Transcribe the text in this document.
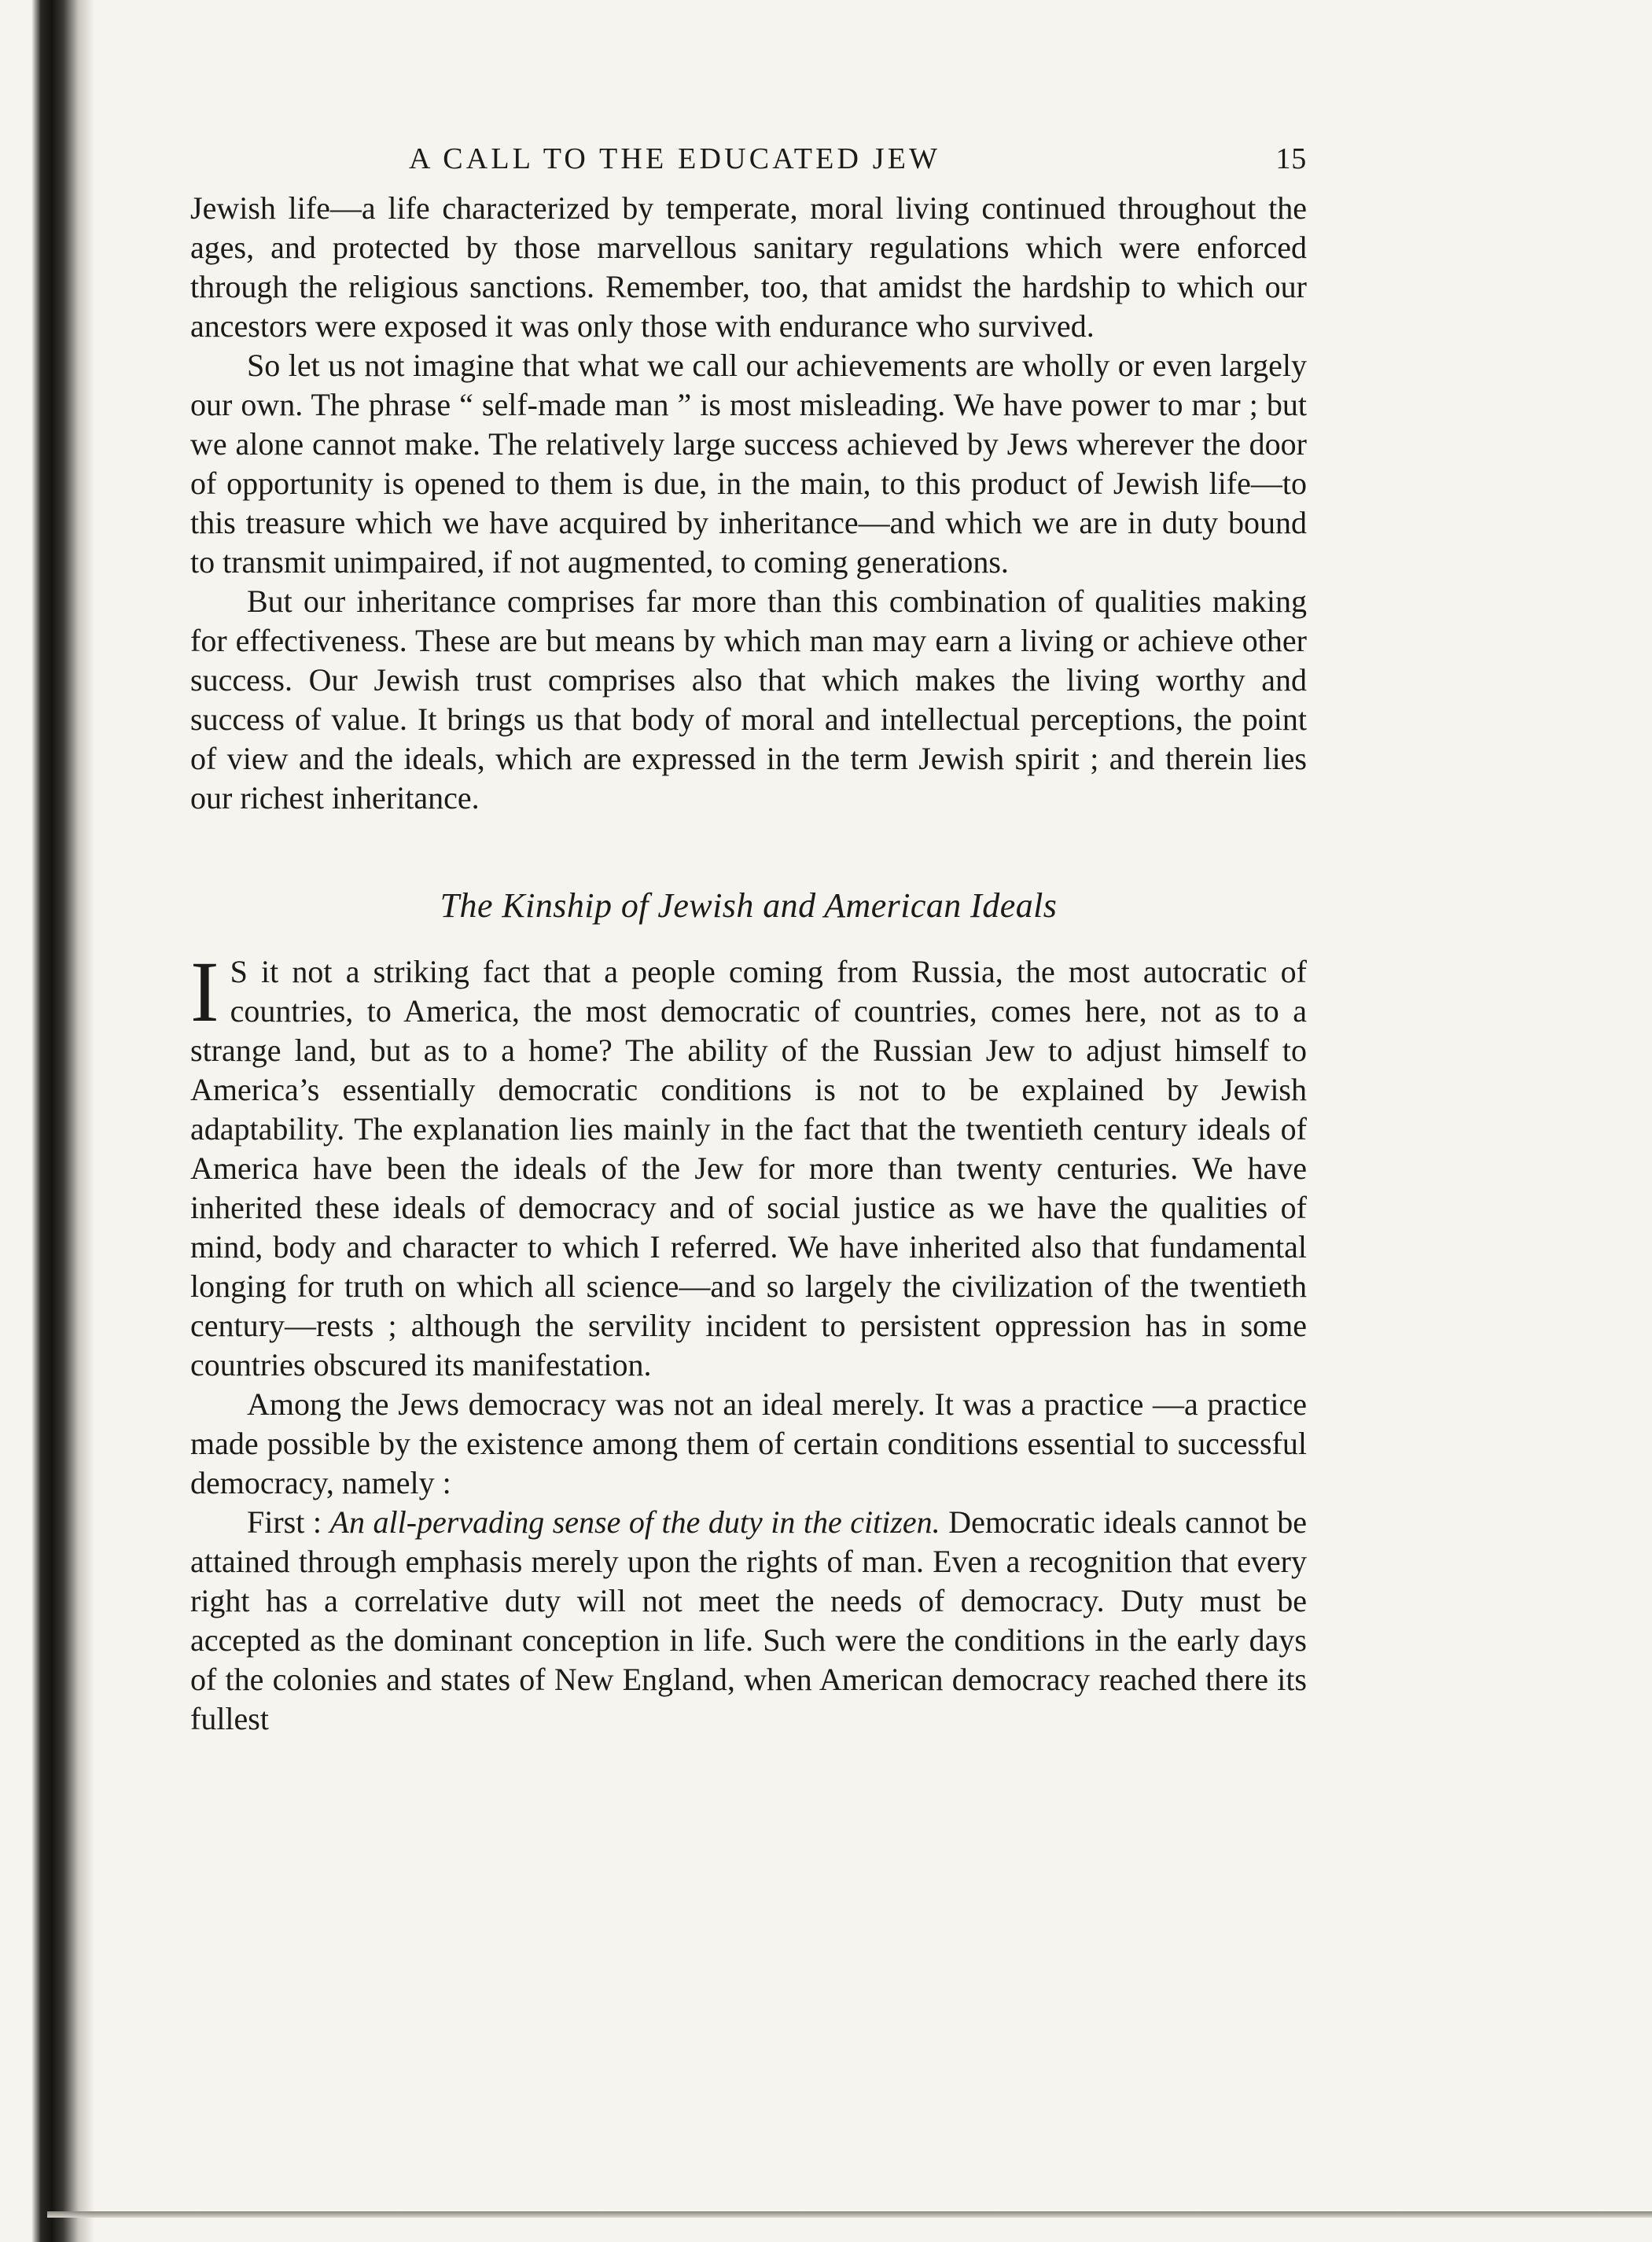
A CALL TO THE EDUCATED JEW	15

Jewish life—a life characterized by temperate, moral living continued throughout the ages, and protected by those marvellous sanitary regulations which were enforced through the religious sanctions. Remember, too, that amidst the hardship to which our ancestors were exposed it was only those with endurance who survived.

So let us not imagine that what we call our achievements are wholly or even largely our own. The phrase “ self-made man ” is most misleading. We have power to mar ; but we alone cannot make. The relatively large success achieved by Jews wherever the door of opportunity is opened to them is due, in the main, to this product of Jewish life—to this treasure which we have acquired by inheritance—and which we are in duty bound to transmit unimpaired, if not augmented, to coming generations.

But our inheritance comprises far more than this combination of qualities making for effectiveness. These are but means by which man may earn a living or achieve other success. Our Jewish trust comprises also that which makes the living worthy and success of value. It brings us that body of moral and intellectual perceptions, the point of view and the ideals, which are expressed in the term Jewish spirit ; and therein lies our richest inheritance.

The Kinship of Jewish and American Ideals

I S it not a striking fact that a people coming from Russia, the most autocratic of countries, to America, the most democratic of countries, comes here, not as to a strange land, but as to a home? The ability of the Russian Jew to adjust himself to America’s essentially democratic conditions is not to be explained by Jewish adaptability. The explanation lies mainly in the fact that the twentieth century ideals of America have been the ideals of the Jew for more than twenty centuries. We have inherited these ideals of democracy and of social justice as we have the qualities of mind, body and character to which I referred. We have inherited also that fundamental longing for truth on which all science—and so largely the civilization of the twentieth century—rests ; although the servility incident to persistent oppression has in some countries obscured its manifestation.

Among the Jews democracy was not an ideal merely. It was a practice —a practice made possible by the existence among them of certain conditions essential to successful democracy, namely :

First : An all-pervading sense of the duty in the citizen. Democratic ideals cannot be attained through emphasis merely upon the rights of man. Even a recognition that every right has a correlative duty will not meet the needs of democracy. Duty must be accepted as the dominant conception in life. Such were the conditions in the early days of the colonies and states of New England, when American democracy reached there its fullest
